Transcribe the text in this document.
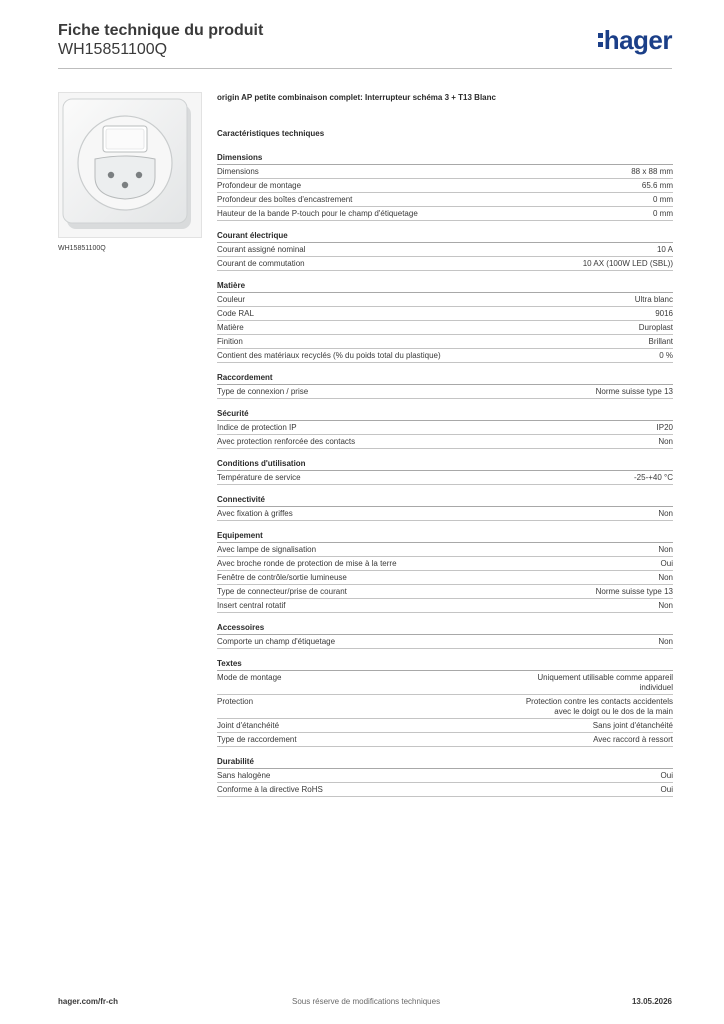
Fiche technique du produit
WH15851100Q	hager
WH15851100Q
origin AP petite combinaison complet: Interrupteur schéma 3 + T13 Blanc
Caractéristiques techniques
Dimensions
Dimensions	88 x 88 mm
Profondeur de montage	65.6 mm
Profondeur des boîtes d'encastrement	0 mm
Hauteur de la bande P-touch pour le champ d'étiquetage	0 mm
Courant électrique
Courant assigné nominal	10 A
Courant de commutation	10 AX (100W LED (SBL))
Matière
Couleur	Ultra blanc
Code RAL	9016
Matière	Duroplast
Finition	Brillant
Contient des matériaux recyclés (% du poids total du plastique)	0 %
Raccordement
Type de connexion / prise	Norme suisse type 13
Sécurité
Indice de protection IP	IP20
Avec protection renforcée des contacts	Non
Conditions d'utilisation
Température de service	-25-+40 °C
Connectivité
Avec fixation à griffes	Non
Equipement
Avec lampe de signalisation	Non
Avec broche ronde de protection de mise à la terre	Oui
Fenêtre de contrôle/sortie lumineuse	Non
Type de connecteur/prise de courant	Norme suisse type 13
Insert central rotatif	Non
Accessoires
Comporte un champ d'étiquetage	Non
Textes
Mode de montage	Uniquement utilisable comme appareil
individuel
Protection	Protection contre les contacts accidentels
avec le doigt ou le dos de la main
Joint d'étanchéité	Sans joint d'étanchéité
Type de raccordement	Avec raccord à ressort
Durabilité
Sans halogène	Oui
Conforme à la directive RoHS	Oui
hager.com/fr-ch	Sous réserve de modifications techniques	13.05.2026
